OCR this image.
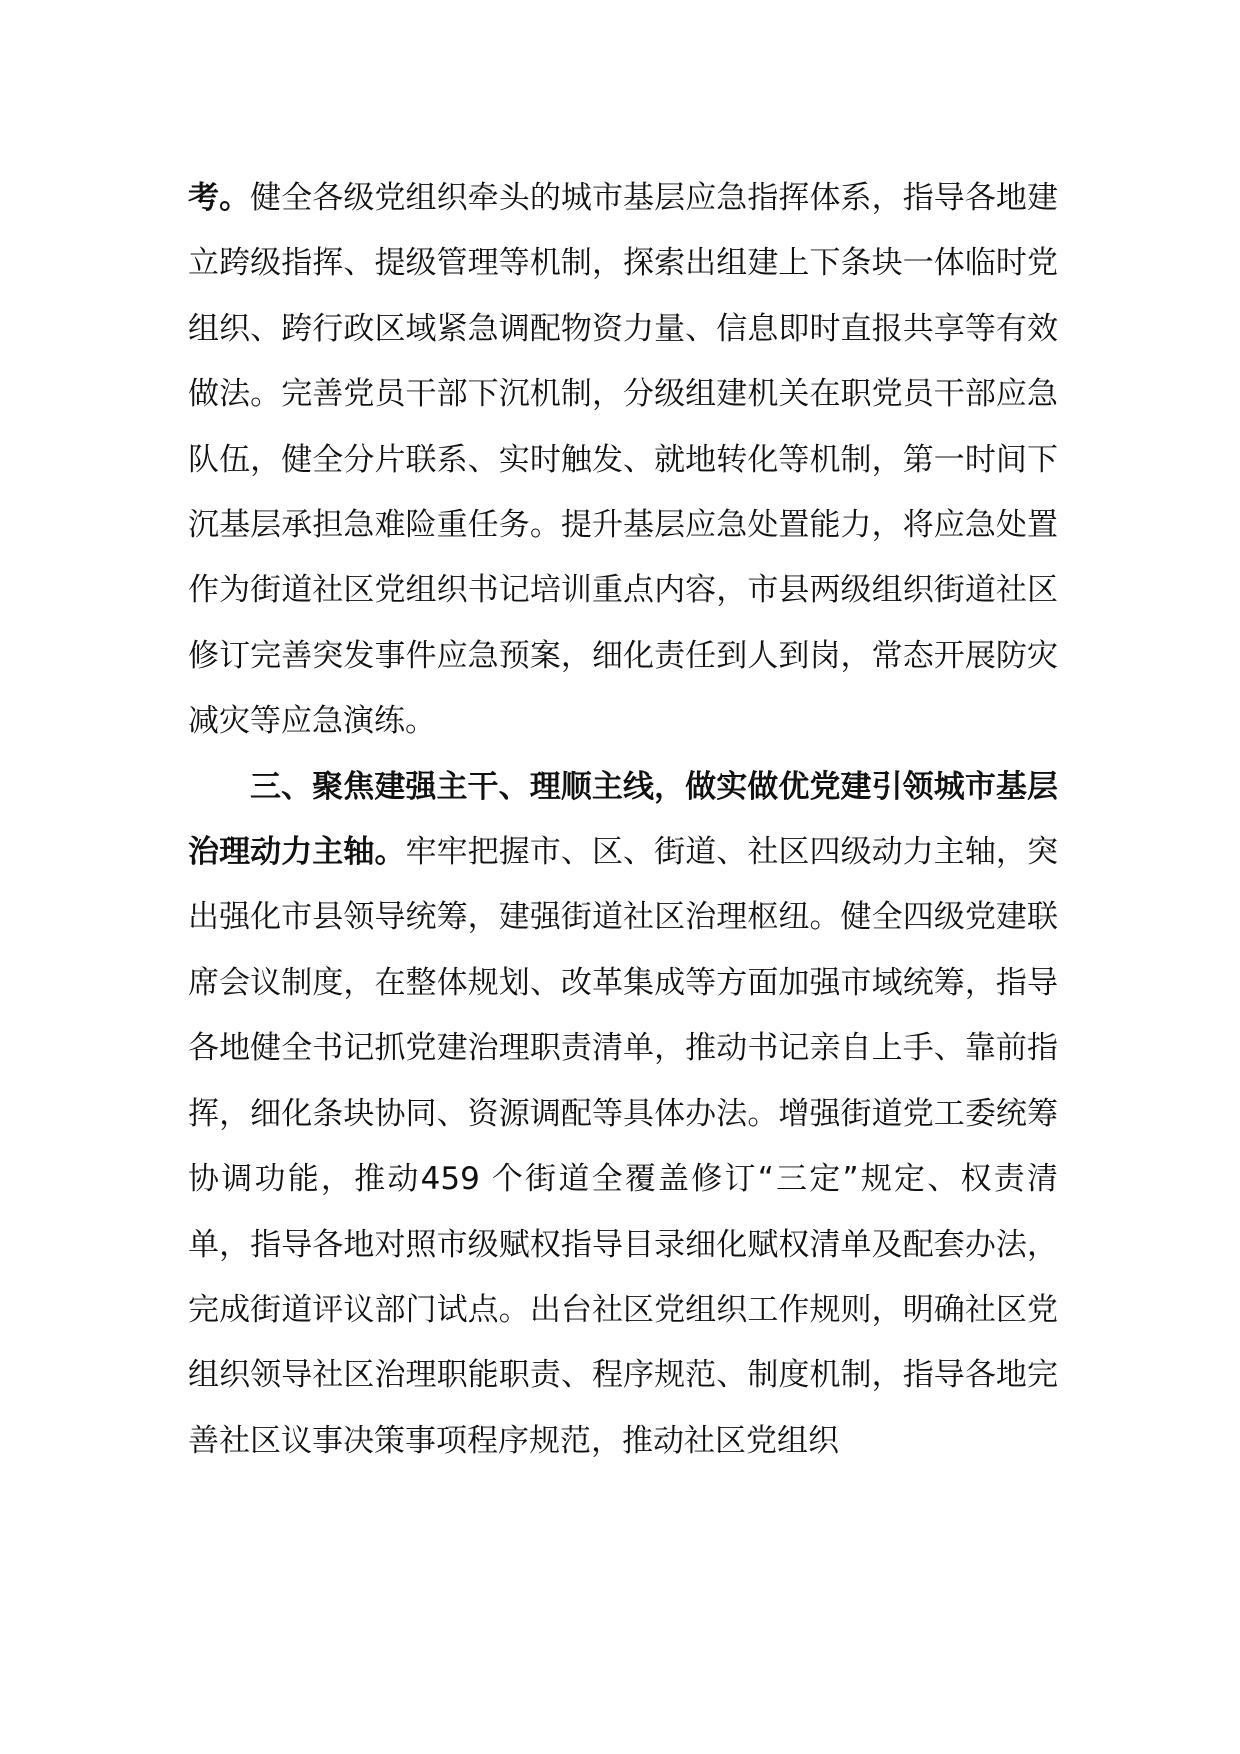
考。健全各级党组织牵头的城市基层应急指挥体系，指导各地建立跨级指挥、提级管理等机制，探索出组建上下条块一体临时党组织、跨行政区域紧急调配物资力量、信息即时直报共享等有效做法。完善党员干部下沉机制，分级组建机关在职党员干部应急队伍，健全分片联系、实时触发、就地转化等机制，第一时间下沉基层承担急难险重任务。提升基层应急处置能力，将应急处置作为街道社区党组织书记培训重点内容，市县两级组织街道社区修订完善突发事件应急预案，细化责任到人到岗，常态开展防灾减灾等应急演练。

三、聚焦建强主干、理顺主线，做实做优党建引领城市基层治理动力主轴。牢牢把握市、区、街道、社区四级动力主轴，突出强化市县领导统筹，建强街道社区治理枢纽。健全四级党建联席会议制度，在整体规划、改革集成等方面加强市域统筹，指导各地健全书记抓党建治理职责清单，推动书记亲自上手、靠前指挥，细化条块协同、资源调配等具体办法。增强街道党工委统筹协调功能，推动459 个街道全覆盖修订“三定”规定、权责清单，指导各地对照市级赋权指导目录细化赋权清单及配套办法，完成街道评议部门试点。出台社区党组织工作规则，明确社区党组织领导社区治理职能职责、程序规范、制度机制，指导各地完善社区议事决策事项程序规范，推动社区党组织
